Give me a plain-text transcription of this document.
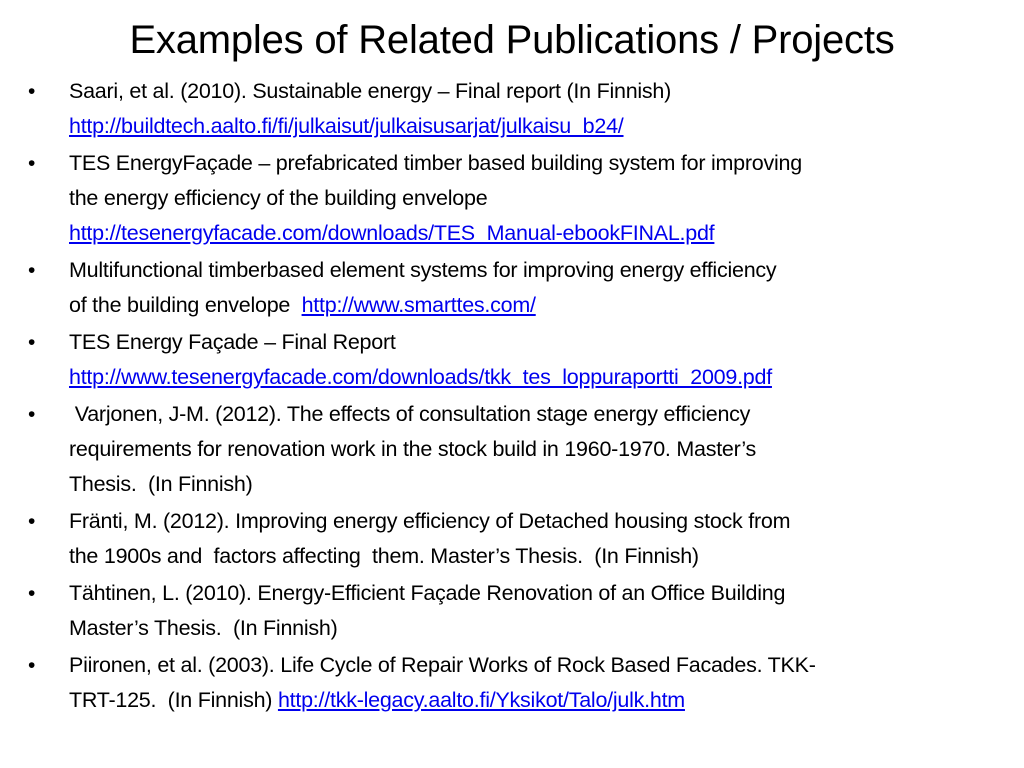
Examples of Related Publications / Projects
• Saari, et al. (2010). Sustainable energy – Final report (In Finnish)
http://buildtech.aalto.fi/fi/julkaisut/julkaisusarjat/julkaisu_b24/
• TES EnergyFaçade – prefabricated timber based building system for improving
the energy efficiency of the building envelope
http://tesenergyfacade.com/downloads/TES_Manual-ebookFINAL.pdf
• Multifunctional timberbased element systems for improving energy efficiency
of the building envelope  http://www.smarttes.com/
• TES Energy Façade – Final Report
http://www.tesenergyfacade.com/downloads/tkk_tes_loppuraportti_2009.pdf
• Varjonen, J-M. (2012). The effects of consultation stage energy efficiency
requirements for renovation work in the stock build in 1960-1970. Master’s
Thesis.  (In Finnish)
• Fränti, M. (2012). Improving energy efficiency of Detached housing stock from
the 1900s and  factors affecting  them. Master’s Thesis.  (In Finnish)
• Tähtinen, L. (2010). Energy-Efficient Façade Renovation of an Office Building
Master’s Thesis.  (In Finnish)
• Piironen, et al. (2003). Life Cycle of Repair Works of Rock Based Facades. TKK-
TRT-125.  (In Finnish) http://tkk-legacy.aalto.fi/Yksikot/Talo/julk.htm
